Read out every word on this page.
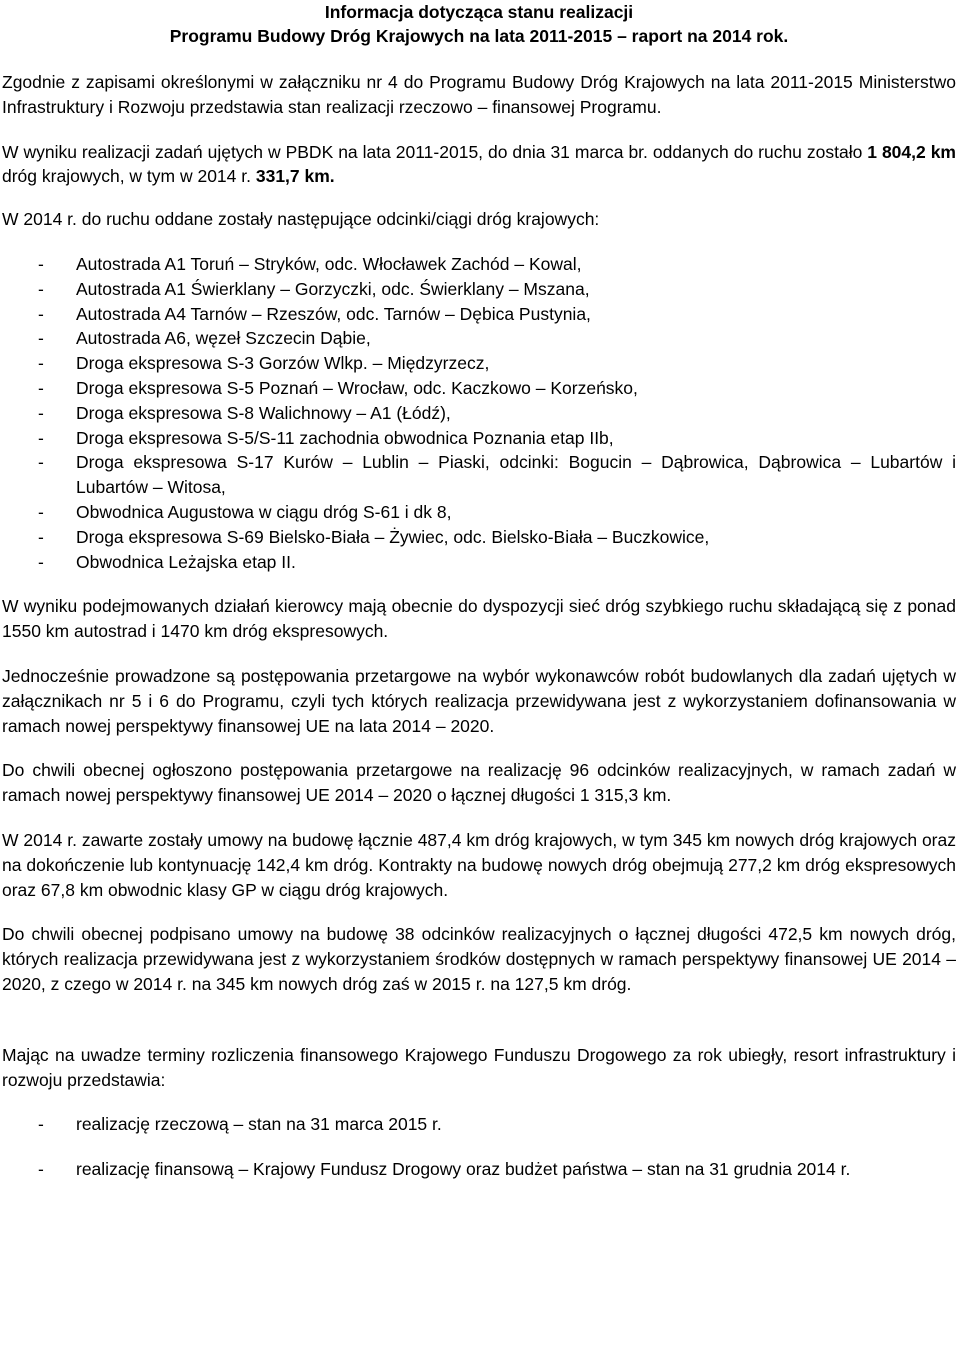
Informacja dotycząca stanu realizacji
Programu Budowy Dróg Krajowych na lata 2011-2015 – raport na 2014 rok.

Zgodnie z zapisami określonymi w załączniku nr 4 do Programu Budowy Dróg Krajowych na lata 2011-2015 Ministerstwo Infrastruktury i Rozwoju przedstawia stan realizacji rzeczowo – finansowej Programu.

W wyniku realizacji zadań ujętych w PBDK na lata 2011-2015, do dnia 31 marca br. oddanych do ruchu zostało 1 804,2 km dróg krajowych, w tym w 2014 r. 331,7 km.

W 2014 r. do ruchu oddane zostały następujące odcinki/ciągi dróg krajowych:

- Autostrada A1 Toruń – Stryków, odc. Włocławek Zachód – Kowal,
- Autostrada A1 Świerklany – Gorzyczki, odc. Świerklany – Mszana,
- Autostrada A4 Tarnów – Rzeszów, odc. Tarnów – Dębica Pustynia,
- Autostrada A6, węzeł Szczecin Dąbie,
- Droga ekspresowa S-3 Gorzów Wlkp. – Międzyrzecz,
- Droga ekspresowa S-5 Poznań – Wrocław, odc. Kaczkowo – Korzeńsko,
- Droga ekspresowa S-8 Walichnowy – A1 (Łódź),
- Droga ekspresowa S-5/S-11 zachodnia obwodnica Poznania etap IIb,
- Droga ekspresowa S-17 Kurów – Lublin – Piaski, odcinki: Bogucin – Dąbrowica, Dąbrowica – Lubartów i Lubartów – Witosa,
- Obwodnica Augustowa w ciągu dróg S-61 i dk 8,
- Droga ekspresowa S-69 Bielsko-Biała – Żywiec, odc. Bielsko-Biała – Buczkowice,
- Obwodnica Leżajska etap II.

W wyniku podejmowanych działań kierowcy mają obecnie do dyspozycji sieć dróg szybkiego ruchu składającą się z ponad 1550 km autostrad i 1470 km dróg ekspresowych.

Jednocześnie prowadzone są postępowania przetargowe na wybór wykonawców robót budowlanych dla zadań ujętych w załącznikach nr 5 i 6 do Programu, czyli tych których realizacja przewidywana jest z wykorzystaniem dofinansowania w ramach nowej perspektywy finansowej UE na lata 2014 – 2020.

Do chwili obecnej ogłoszono postępowania przetargowe na realizację 96 odcinków realizacyjnych, w ramach zadań w ramach nowej perspektywy finansowej UE 2014 – 2020 o łącznej długości 1 315,3 km.

W 2014 r. zawarte zostały umowy na budowę łącznie 487,4 km dróg krajowych, w tym 345 km nowych dróg krajowych oraz na dokończenie lub kontynuację 142,4 km dróg. Kontrakty na budowę nowych dróg obejmują 277,2 km dróg ekspresowych oraz 67,8 km obwodnic klasy GP w ciągu dróg krajowych.

Do chwili obecnej podpisano umowy na budowę 38 odcinków realizacyjnych o łącznej długości 472,5 km nowych dróg, których realizacja przewidywana jest z wykorzystaniem środków dostępnych w ramach perspektywy finansowej UE 2014 – 2020, z czego w 2014 r. na 345 km nowych dróg zaś w 2015 r. na 127,5 km dróg.

Mając na uwadze terminy rozliczenia finansowego Krajowego Funduszu Drogowego za rok ubiegły, resort infrastruktury i rozwoju przedstawia:

- realizację rzeczową – stan na 31 marca 2015 r.
- realizację finansową – Krajowy Fundusz Drogowy oraz budżet państwa – stan na 31 grudnia 2014 r.
